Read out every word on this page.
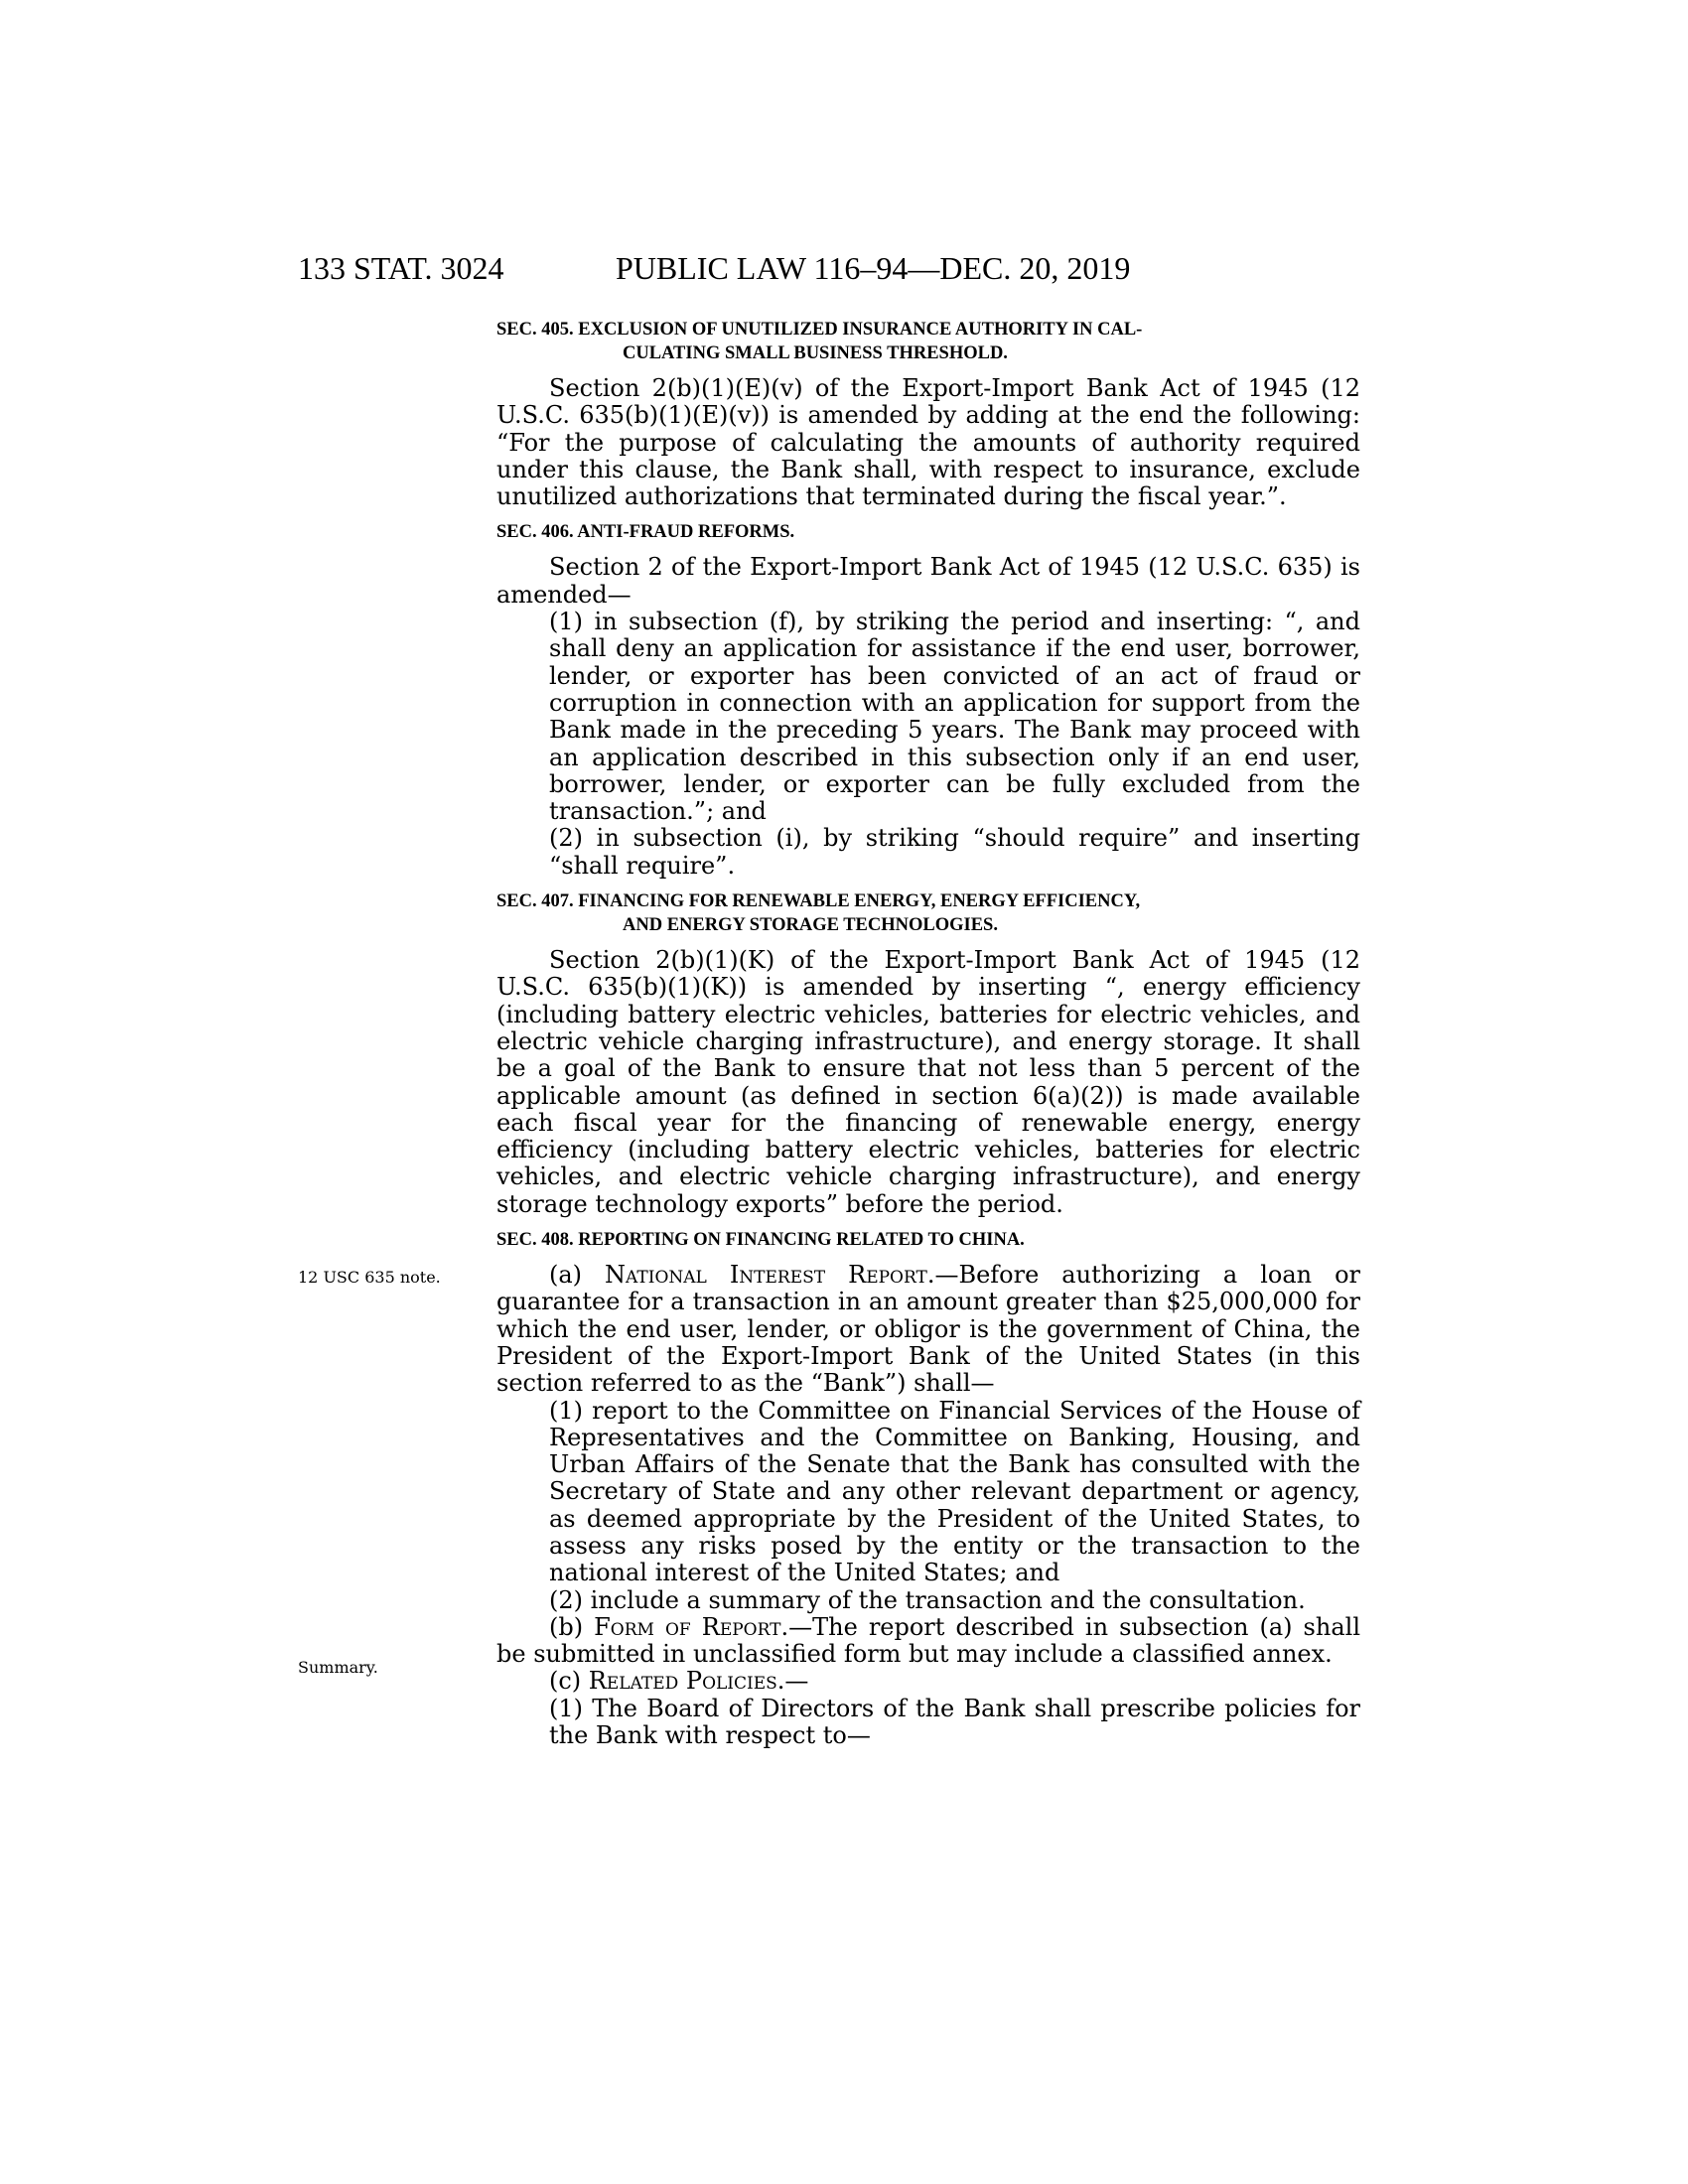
133 STAT. 3024	PUBLIC LAW 116–94—DEC. 20, 2019
12 USC 635 note.
Summary.
SEC. 405. EXCLUSION OF UNUTILIZED INSURANCE AUTHORITY IN CAL-
CULATING SMALL BUSINESS THRESHOLD.

Section 2(b)(1)(E)(v) of the Export-Import Bank Act of 1945 (12 U.S.C. 635(b)(1)(E)(v)) is amended by adding at the end the following: “For the purpose of calculating the amounts of authority required under this clause, the Bank shall, with respect to insurance, exclude unutilized authorizations that terminated during the fiscal year.”.

SEC. 406. ANTI-FRAUD REFORMS.

Section 2 of the Export-Import Bank Act of 1945 (12 U.S.C. 635) is amended—

(1) in subsection (f), by striking the period and inserting: “, and shall deny an application for assistance if the end user, borrower, lender, or exporter has been convicted of an act of fraud or corruption in connection with an application for support from the Bank made in the preceding 5 years. The Bank may proceed with an application described in this subsection only if an end user, borrower, lender, or exporter can be fully excluded from the transaction.”; and

(2) in subsection (i), by striking “should require” and inserting “shall require”.

SEC. 407. FINANCING FOR RENEWABLE ENERGY, ENERGY EFFICIENCY,
AND ENERGY STORAGE TECHNOLOGIES.

Section 2(b)(1)(K) of the Export-Import Bank Act of 1945 (12 U.S.C. 635(b)(1)(K)) is amended by inserting “, energy efficiency (including battery electric vehicles, batteries for electric vehicles, and electric vehicle charging infrastructure), and energy storage. It shall be a goal of the Bank to ensure that not less than 5 percent of the applicable amount (as defined in section 6(a)(2)) is made available each fiscal year for the financing of renewable energy, energy efficiency (including battery electric vehicles, batteries for electric vehicles, and electric vehicle charging infrastructure), and energy storage technology exports” before the period.

SEC. 408. REPORTING ON FINANCING RELATED TO CHINA.

(a) National Interest Report.—Before authorizing a loan or guarantee for a transaction in an amount greater than $25,000,000 for which the end user, lender, or obligor is the government of China, the President of the Export-Import Bank of the United States (in this section referred to as the “Bank”) shall—

(1) report to the Committee on Financial Services of the House of Representatives and the Committee on Banking, Housing, and Urban Affairs of the Senate that the Bank has consulted with the Secretary of State and any other relevant department or agency, as deemed appropriate by the President of the United States, to assess any risks posed by the entity or the transaction to the national interest of the United States; and

(2) include a summary of the transaction and the consultation.

(b) Form of Report.—The report described in subsection (a) shall be submitted in unclassified form but may include a classified annex.

(c) Related Policies.—

(1) The Board of Directors of the Bank shall prescribe policies for the Bank with respect to—
